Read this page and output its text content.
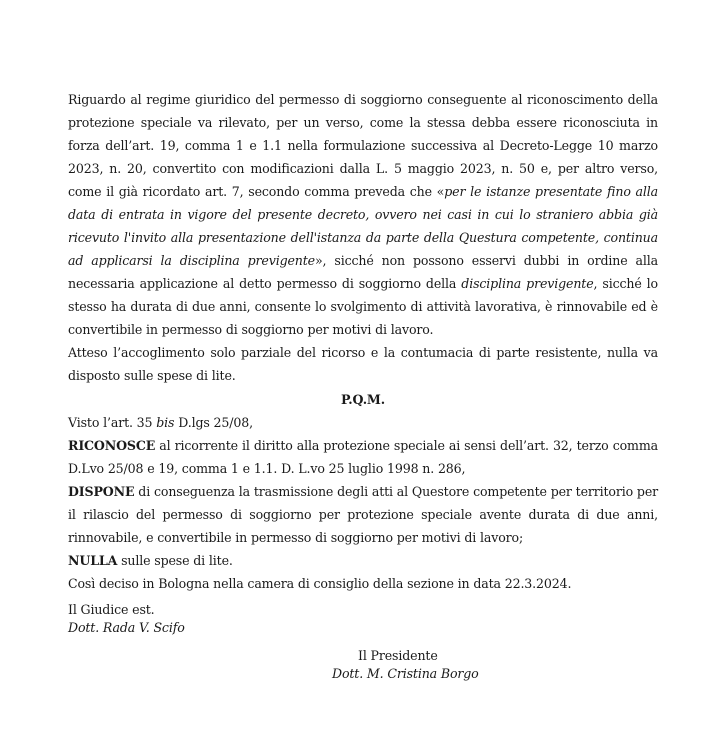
Riguardo al regime giuridico del permesso di soggiorno conseguente al riconoscimento della protezione speciale va rilevato, per un verso, come la stessa debba essere riconosciuta in forza dell’art. 19, comma 1 e 1.1 nella formulazione successiva al Decreto-Legge 10 marzo 2023, n. 20, convertito con modificazioni dalla L. 5 maggio 2023, n. 50 e, per altro verso, come il già ricordato art. 7, secondo comma preveda che «per le istanze presentate fino alla data di entrata in vigore del presente decreto, ovvero nei casi in cui lo straniero abbia già ricevuto l'invito alla presentazione dell'istanza da parte della Questura competente, continua ad applicarsi la disciplina previgente», sicché non possono esservi dubbi in ordine alla necessaria applicazione al detto permesso di soggiorno della disciplina previgente, sicché lo stesso ha durata di due anni, consente lo svolgimento di attività lavorativa, è rinnovabile ed è convertibile in permesso di soggiorno per motivi di lavoro.

Atteso l’accoglimento solo parziale del ricorso e la contumacia di parte resistente, nulla va disposto sulle spese di lite.

P.Q.M.

Visto l’art. 35 bis D.lgs 25/08,

RICONOSCE al ricorrente il diritto alla protezione speciale ai sensi dell’art. 32, terzo comma D.Lvo 25/08 e 19, comma 1 e 1.1. D. L.vo 25 luglio 1998 n. 286,

DISPONE di conseguenza la trasmissione degli atti al Questore competente per territorio per il rilascio del permesso di soggiorno per protezione speciale avente durata di due anni, rinnovabile, e convertibile in permesso di soggiorno per motivi di lavoro;

NULLA sulle spese di lite.

Così deciso in Bologna nella camera di consiglio della sezione in data 22.3.2024.

Il Giudice est.

Dott. Rada V. Scifo

Il Presidente

Dott. M. Cristina Borgo
